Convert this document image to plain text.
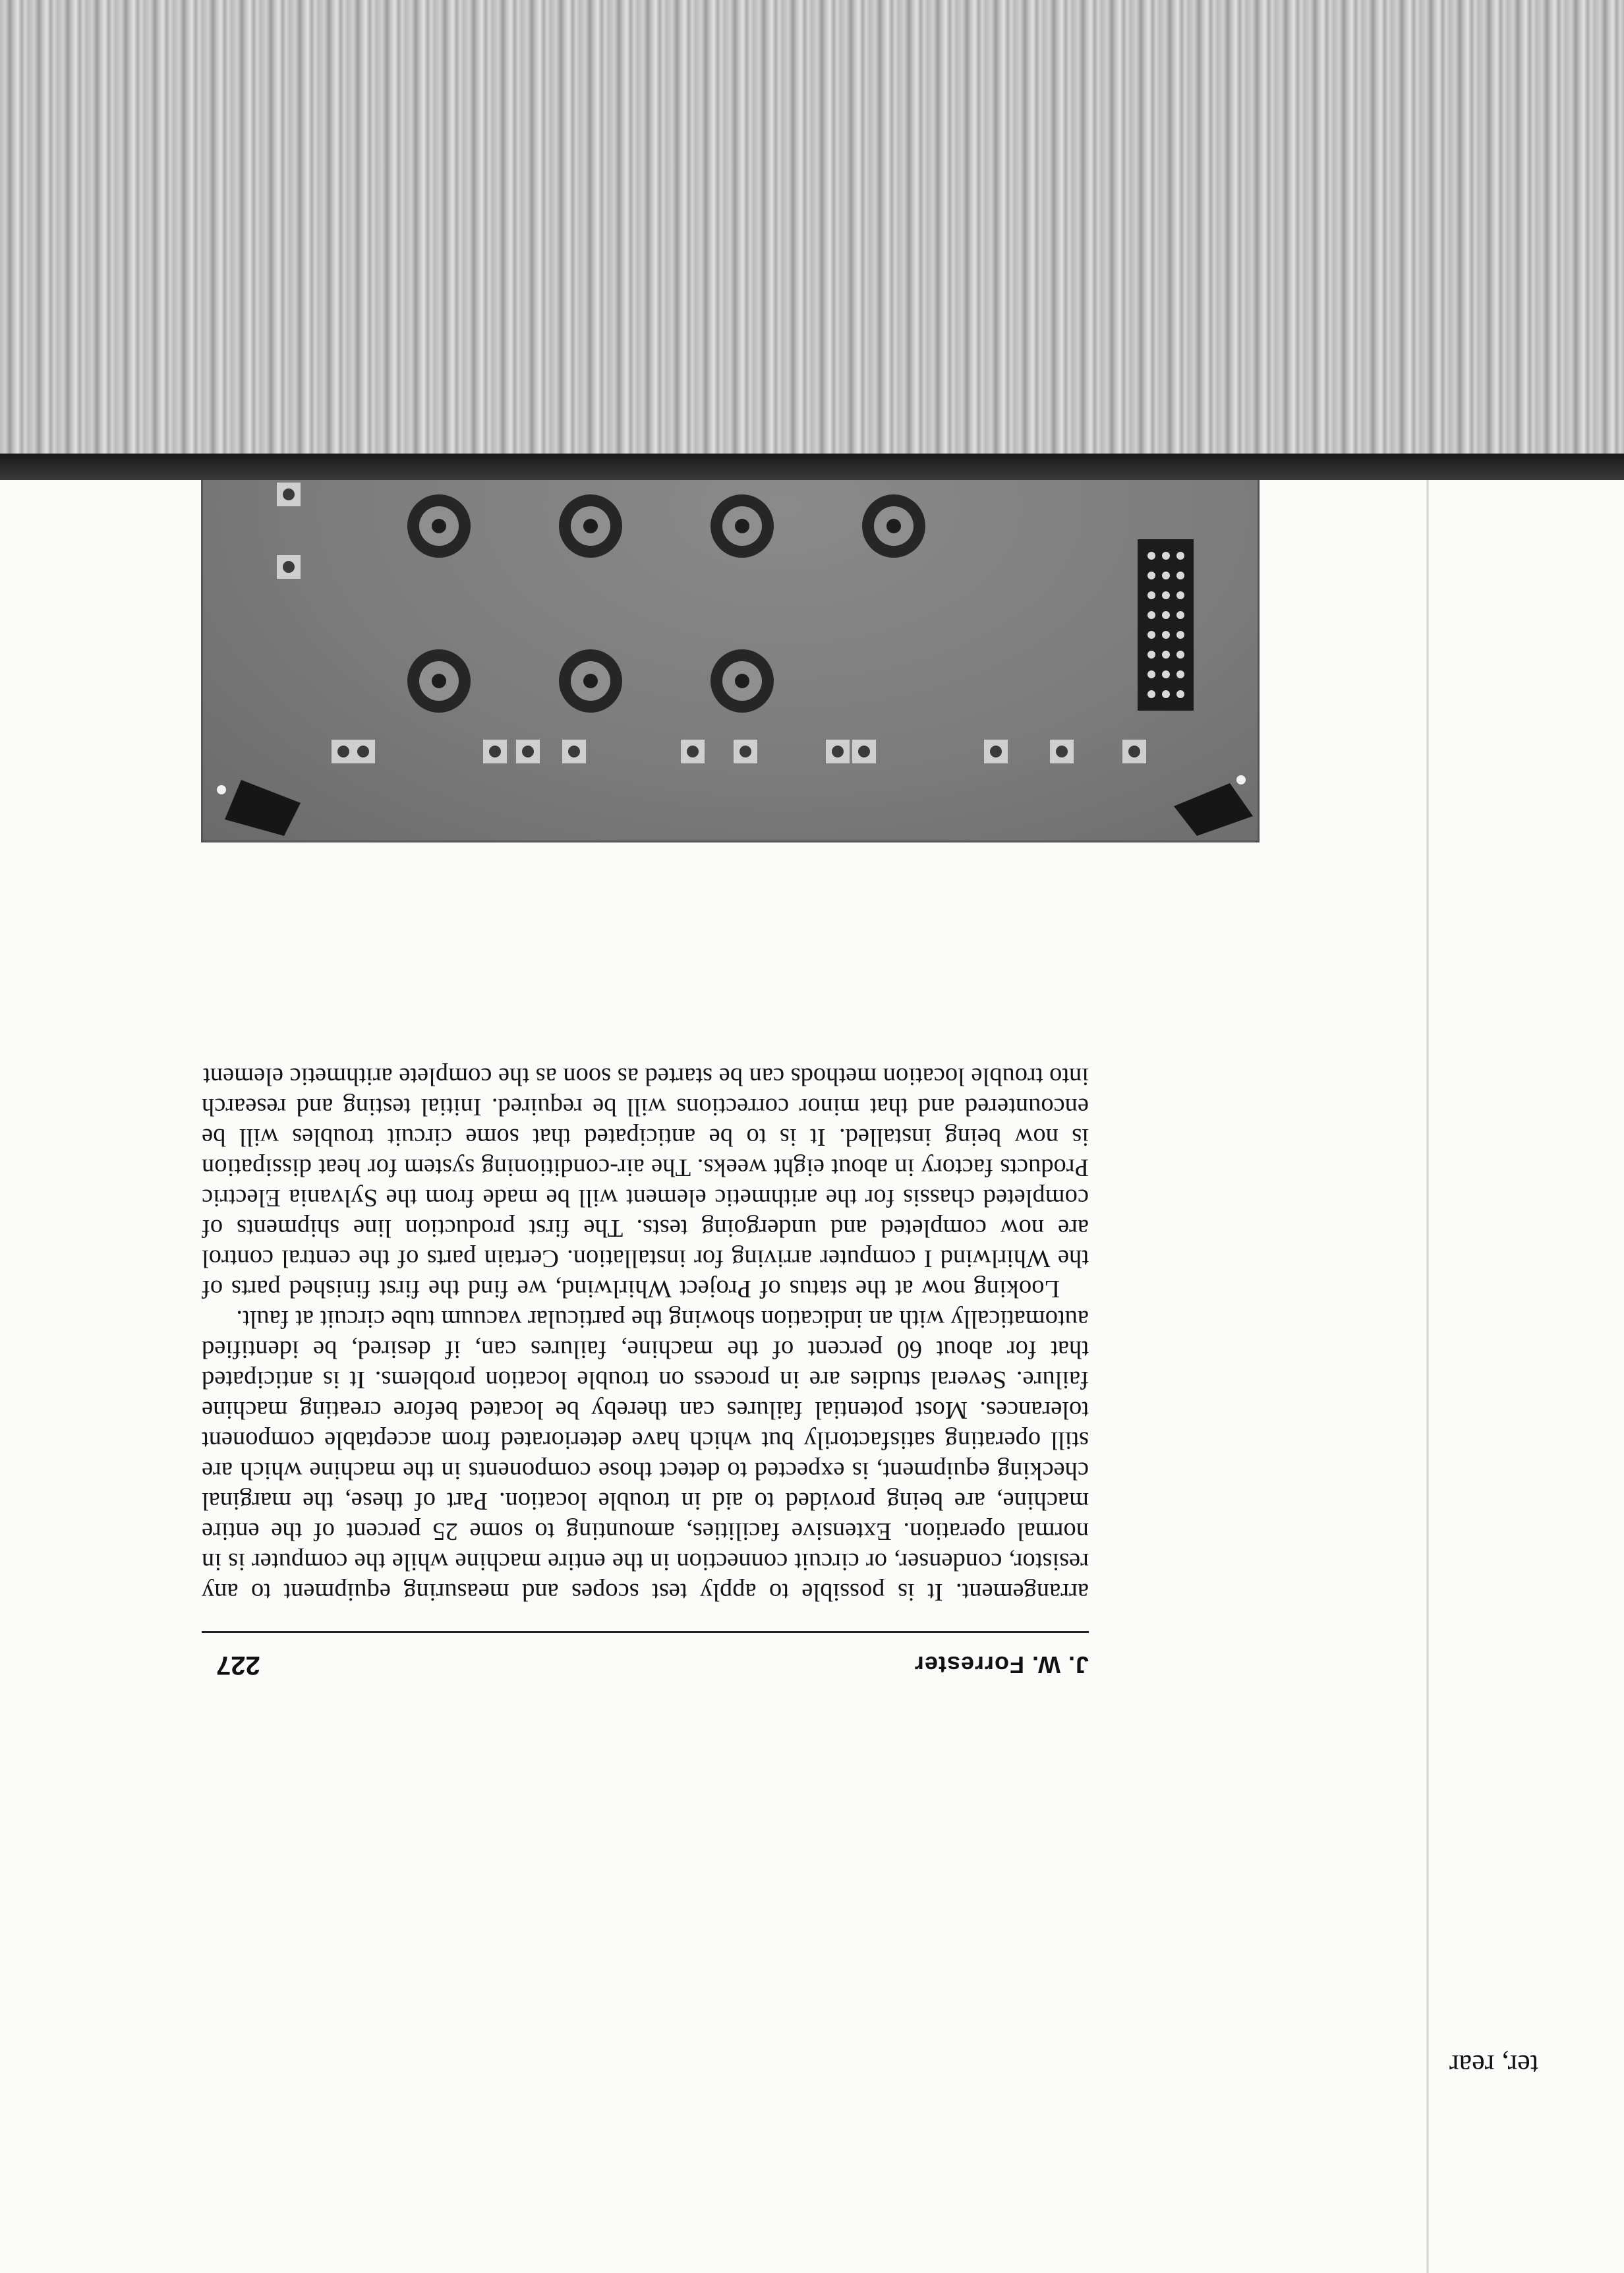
ter, rear
J. W. Forrester
227

arrangement. It is possible to apply test scopes and measuring equipment to any resistor, condenser, or circuit connection in the entire machine while the computer is in normal operation. Extensive facilities, amounting to some 25 percent of the entire machine, are being provided to aid in trouble location. Part of these, the marginal checking equipment, is expected to detect those components in the machine which are still operating satisfactorily but which have deteriorated from acceptable component tolerances. Most potential failures can thereby be located before creating machine failure. Several studies are in process on trouble location problems. It is anticipated that for about 60 percent of the machine, failures can, if desired, be identified automatically with an indication showing the particular vacuum tube circuit at fault.

Looking now at the status of Project Whirlwind, we find the first finished parts of the Whirlwind I computer arriving for installation. Certain parts of the central control are now completed and undergoing tests. The first production line shipments of completed chassis for the arithmetic element will be made from the Sylvania Electric Products factory in about eight weeks. The air-conditioning system for heat dissipation is now being installed. It is to be anticipated that some circuit troubles will be encountered and that minor corrections will be required. Initial testing and research into trouble location methods can be started as soon as the complete arithmetic element
